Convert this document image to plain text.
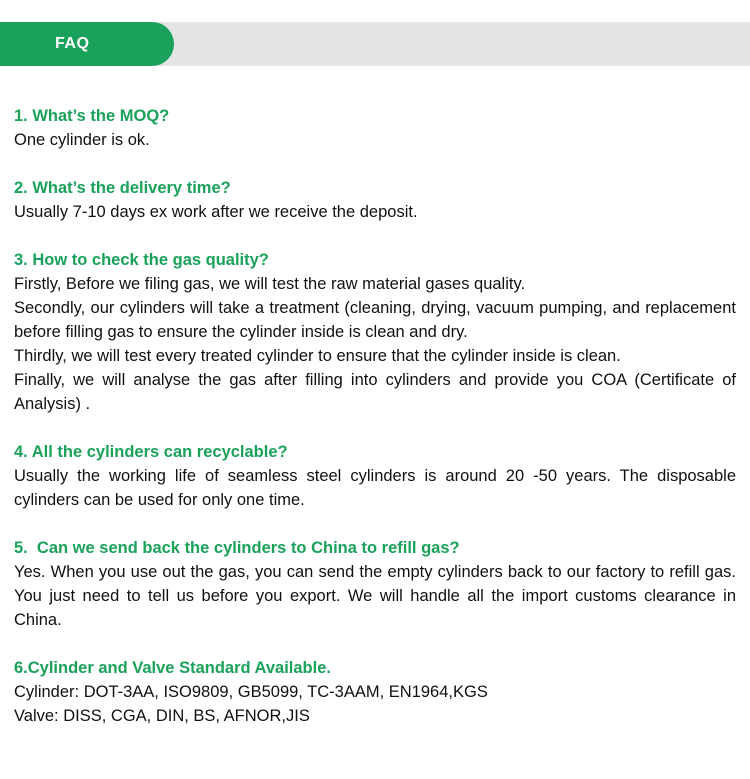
FAQ

1. What’s the MOQ?

One cylinder is ok.

2. What’s the delivery time?

Usually 7-10 days ex work after we receive the deposit.

3. How to check the gas quality?

Firstly, Before we filing gas, we will test the raw material gases quality.

Secondly, our cylinders will take a treatment (cleaning, drying, vacuum pumping, and replacement before filling gas to ensure the cylinder inside is clean and dry.

Thirdly, we will test every treated cylinder to ensure that the cylinder inside is clean.

Finally, we will analyse the gas after filling into cylinders and provide you COA (Certificate of Analysis) .

4. All the cylinders can recyclable?

Usually the working life of seamless steel cylinders is around 20 -50 years. The disposable cylinders can be used for only one time.

5.  Can we send back the cylinders to China to refill gas?

Yes. When you use out the gas, you can send the empty cylinders back to our factory to refill gas. You just need to tell us before you export. We will handle all the import customs clearance in China.

6.Cylinder and Valve Standard Available.

Cylinder: DOT-3AA, ISO9809, GB5099, TC-3AAM, EN1964,KGS

Valve: DISS, CGA, DIN, BS, AFNOR,JIS
